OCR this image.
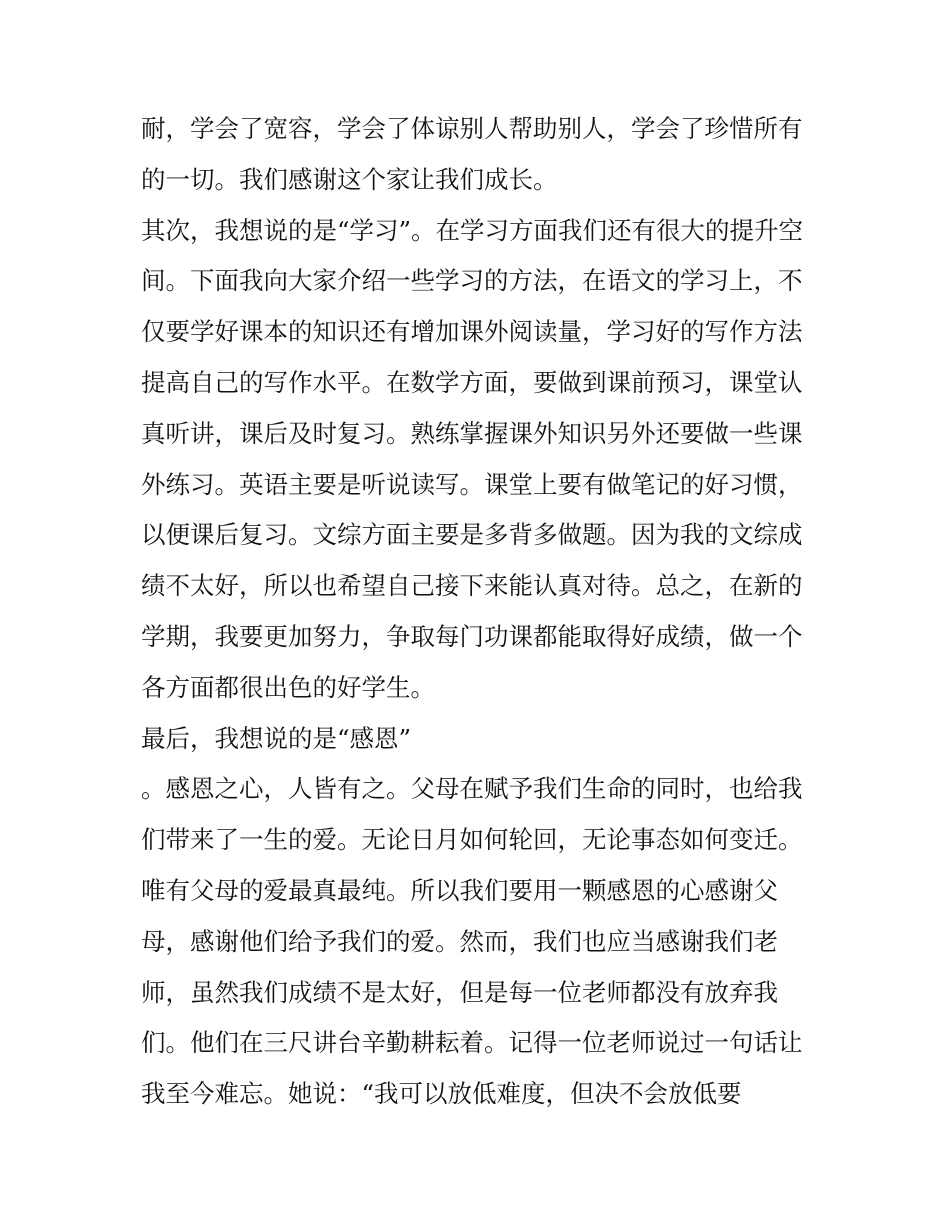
耐，学会了宽容，学会了体谅别人帮助别人，学会了珍惜所有
的一切。我们感谢这个家让我们成长。
其次，我想说的是“学习”。在学习方面我们还有很大的提升空
间。下面我向大家介绍一些学习的方法，在语文的学习上，不
仅要学好课本的知识还有增加课外阅读量，学习好的写作方法
提高自己的写作水平。在数学方面，要做到课前预习，课堂认
真听讲，课后及时复习。熟练掌握课外知识另外还要做一些课
外练习。英语主要是听说读写。课堂上要有做笔记的好习惯，
以便课后复习。文综方面主要是多背多做题。因为我的文综成
绩不太好，所以也希望自己接下来能认真对待。总之，在新的
学期，我要更加努力，争取每门功课都能取得好成绩，做一个
各方面都很出色的好学生。
最后，我想说的是“感恩”
。感恩之心，人皆有之。父母在赋予我们生命的同时，也给我
们带来了一生的爱。无论日月如何轮回，无论事态如何变迁。
唯有父母的爱最真最纯。所以我们要用一颗感恩的心感谢父
母，感谢他们给予我们的爱。然而，我们也应当感谢我们老
师，虽然我们成绩不是太好，但是每一位老师都没有放弃我
们。他们在三尺讲台辛勤耕耘着。记得一位老师说过一句话让
我至今难忘。她说：“我可以放低难度，但决不会放低要
